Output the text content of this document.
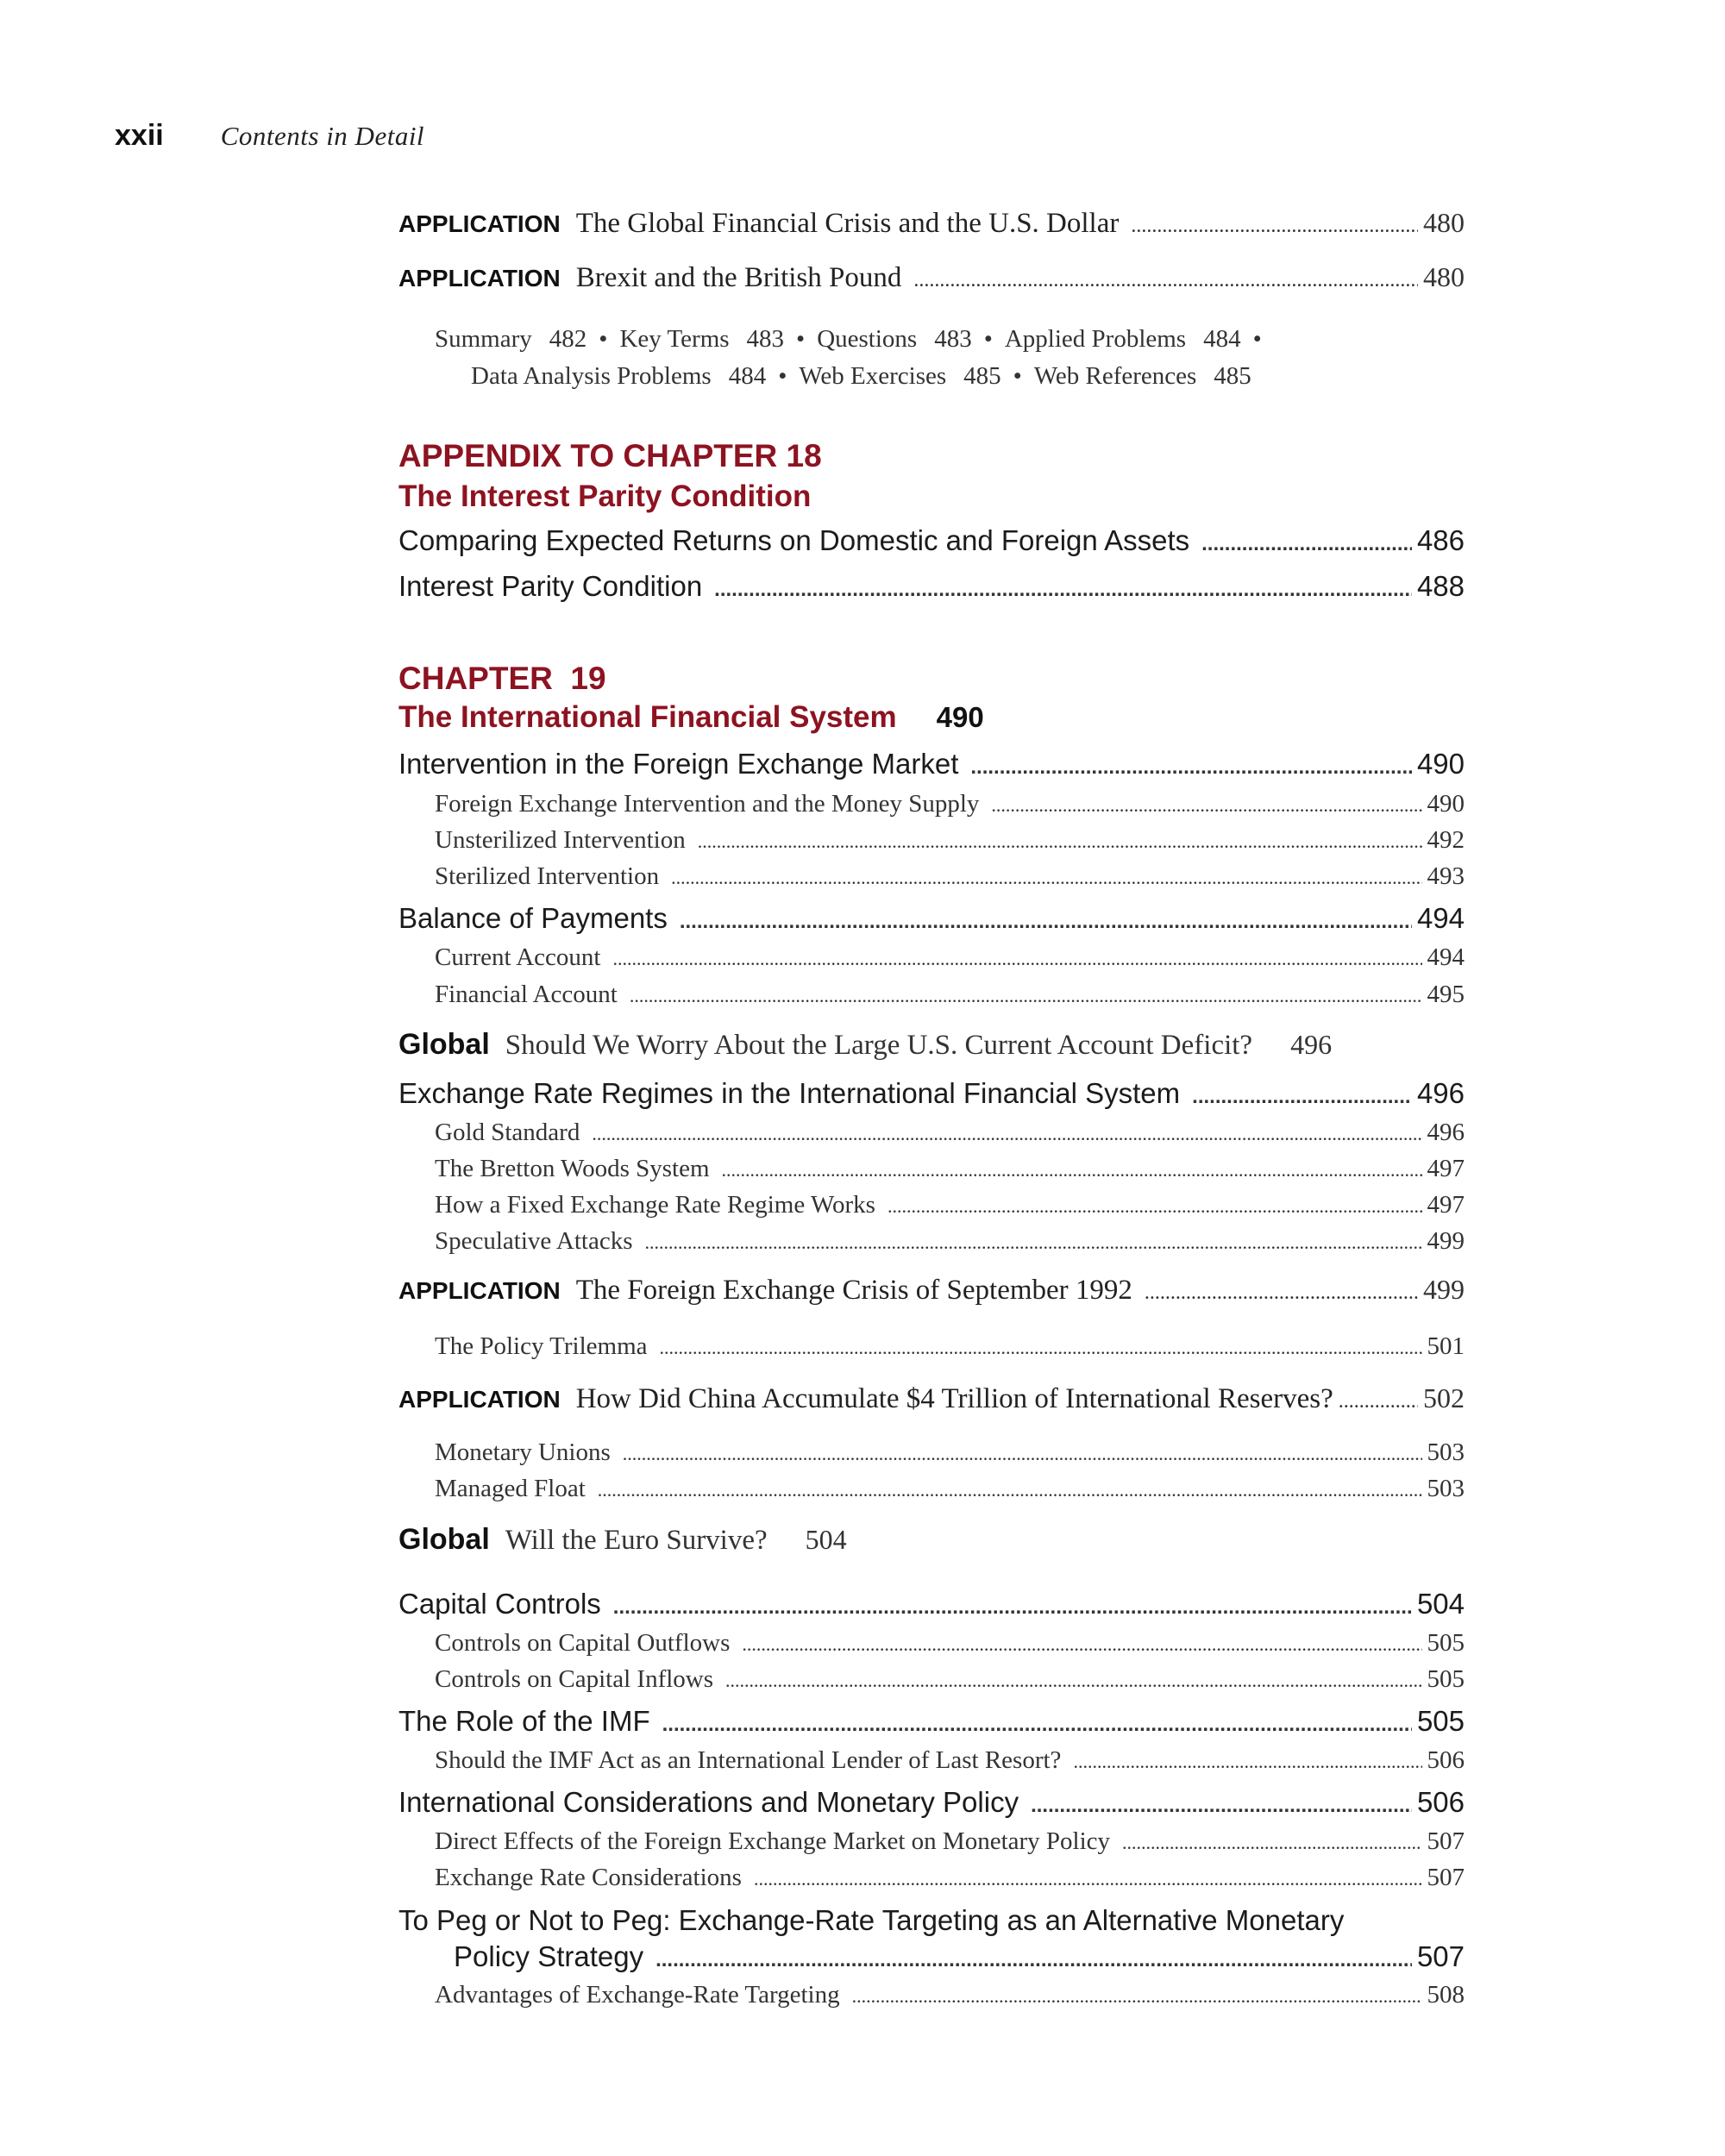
xxii Contents in Detail
APPLICATION The Global Financial Crisis and the U.S. Dollar .....	480
APPLICATION Brexit and the British Pound .....	480
Summary 482 • Key Terms 483 • Questions 483 • Applied Problems 484 •
Data Analysis Problems 484 • Web Exercises 485 • Web References 485
APPENDIX TO CHAPTER 18
The Interest Parity Condition
Comparing Expected Returns on Domestic and Foreign Assets .....	486
Interest Parity Condition .....	488
CHAPTER  19
The International Financial System 490
Intervention in the Foreign Exchange Market .....	490
Foreign Exchange Intervention and the Money Supply .....	490
Unsterilized Intervention .....	492
Sterilized Intervention .....	493
Balance of Payments .....	494
Current Account .....	494
Financial Account .....	495
Global Should We Worry About the Large U.S. Current Account Deficit? 496
Exchange Rate Regimes in the International Financial System .....	496
Gold Standard .....	496
The Bretton Woods System .....	497
How a Fixed Exchange Rate Regime Works .....	497
Speculative Attacks .....	499
APPLICATION The Foreign Exchange Crisis of September 1992 .....	499
The Policy Trilemma .....	501
APPLICATION How Did China Accumulate $4 Trillion of International Reserves? .....	502
Monetary Unions .....	503
Managed Float .....	503
Global Will the Euro Survive? 504
Capital Controls .....	504
Controls on Capital Outflows .....	505
Controls on Capital Inflows .....	505
The Role of the IMF .....	505
Should the IMF Act as an International Lender of Last Resort? .....	506
International Considerations and Monetary Policy .....	506
Direct Effects of the Foreign Exchange Market on Monetary Policy .....	507
Exchange Rate Considerations .....	507
To Peg or Not to Peg: Exchange-Rate Targeting as an Alternative Monetary
Policy Strategy .....	507
Advantages of Exchange-Rate Targeting .....	508
